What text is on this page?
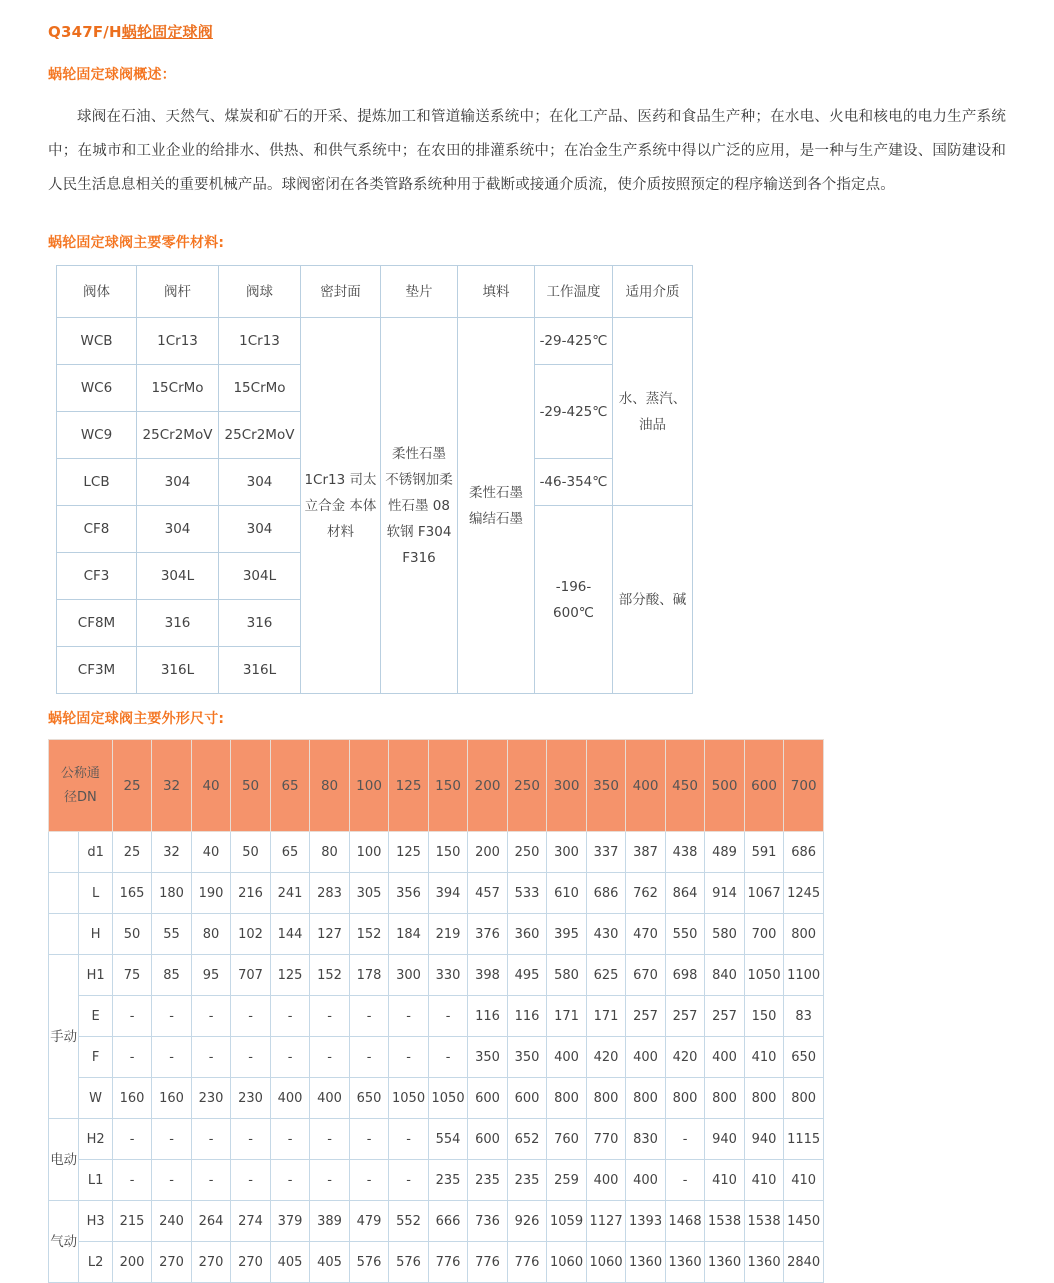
Q347F/H蜗轮固定球阀
蜗轮固定球阀概述：

球阀在石油、天然气、煤炭和矿石的开采、提炼加工和管道输送系统中；在化工产品、医药和食品生产种；在水电、火电和核电的电力生产系统中；在城市和工业企业的给排水、供热、和供气系统中；在农田的排灌系统中；在冶金生产系统中得以广泛的应用，是一种与生产建设、国防建设和人民生活息息相关的重要机械产品。球阀密闭在各类管路系统种用于截断或接通介质流，使介质按照预定的程序输送到各个指定点。

蜗轮固定球阀主要零件材料:
阀体	阀杆	阀球	密封面	垫片	填料	工作温度	适用介质
WCB	1Cr13	1Cr13	1Cr13 司太立合金 本体材料	柔性石墨 不锈钢加柔性石墨 08软钢 F304 F316	柔性石墨 编结石墨	-29-425℃	水、蒸汽、油品
WC6	15CrMo	15CrMo				-29-425℃	
WC9	25Cr2MoV	25Cr2MoV					
LCB	304	304				-46-354℃	
CF8	304	304				-196-600℃	部分酸、碱
CF3	304L	304L					
CF8M	316	316					
CF3M	316L	316L					
蜗轮固定球阀主要外形尺寸:
公称通径DN		25	32	40	50	65	80	100	125	150	200	250	300	350	400	450	500	600	700
	d1	25	32	40	50	65	80	100	125	150	200	250	300	337	387	438	489	591	686
	L	165	180	190	216	241	283	305	356	394	457	533	610	686	762	864	914	1067	1245
	H	50	55	80	102	144	127	152	184	219	376	360	395	430	470	550	580	700	800
手动	H1	75	85	95	707	125	152	178	300	330	398	495	580	625	670	698	840	1050	1100
	E	-	-	-	-	-	-	-	-	-	116	116	171	171	257	257	257	150	83
	F	-	-	-	-	-	-	-	-	-	350	350	400	420	400	420	400	410	650
	W	160	160	230	230	400	400	650	1050	1050	600	600	800	800	800	800	800	800	800
电动	H2	-	-	-	-	-	-	-	-	554	600	652	760	770	830	-	940	940	1115
	L1	-	-	-	-	-	-	-	-	235	235	235	259	400	400	-	410	410	410
气动	H3	215	240	264	274	379	389	479	552	666	736	926	1059	1127	1393	1468	1538	1538	1450
	L2	200	270	270	270	405	405	576	576	776	776	776	1060	1060	1360	1360	1360	1360	2840
